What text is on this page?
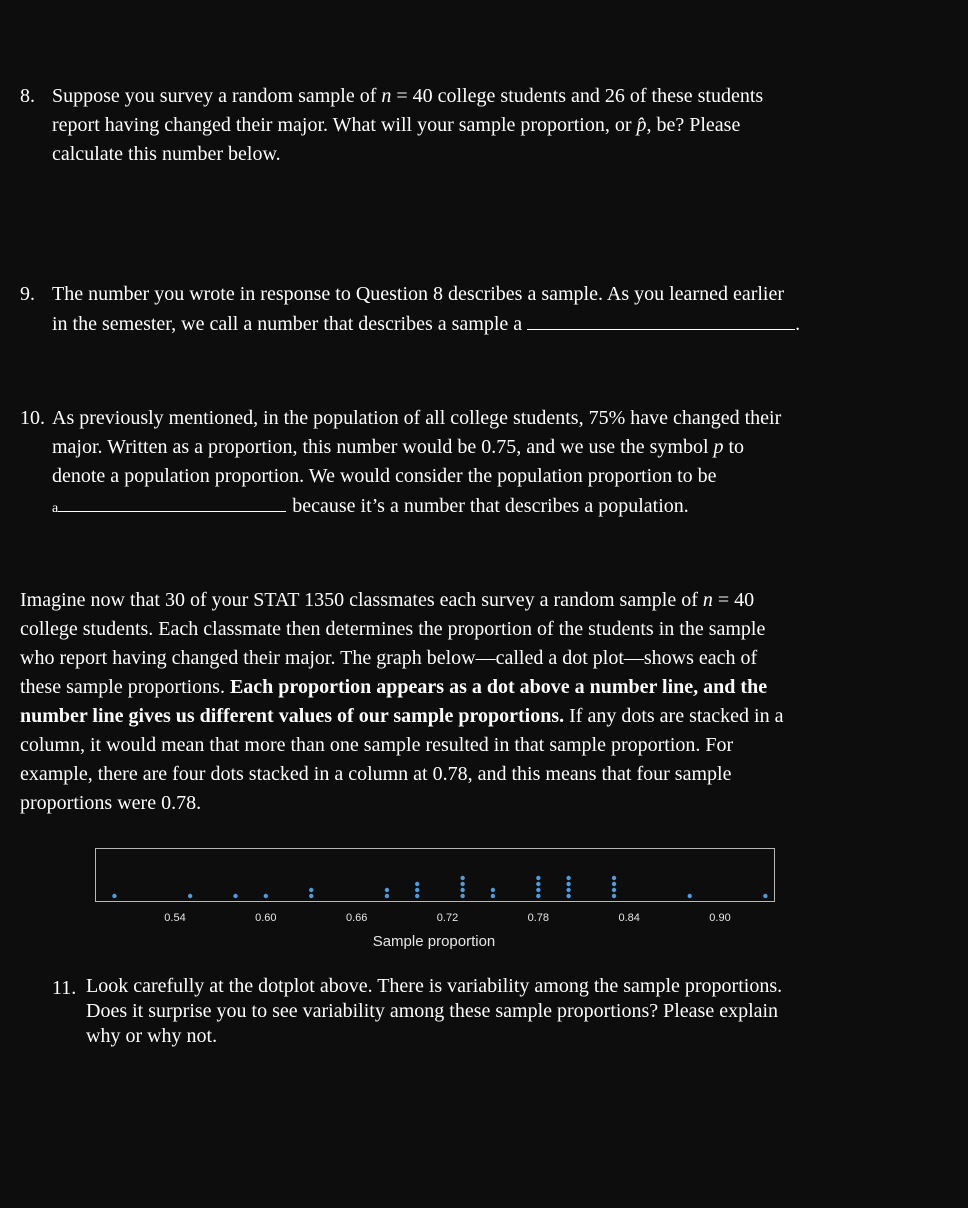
8. Suppose you survey a random sample of n = 40 college students and 26 of these students
report having changed their major. What will your sample proportion, or p̂, be? Please
calculate this number below.
9. The number you wrote in response to Question 8 describes a sample. As you learned earlier
in the semester, we call a number that describes a sample a	.
10. As previously mentioned, in the population of all college students, 75% have changed their
major. Written as a proportion, this number would be 0.75, and we use the symbol p to
denote a population proportion. We would consider the population proportion to be
a	because it’s a number that describes a population.
Imagine now that 30 of your STAT 1350 classmates each survey a random sample of n = 40
college students. Each classmate then determines the proportion of the students in the sample
who report having changed their major. The graph below—called a dot plot—shows each of
these sample proportions. Each proportion appears as a dot above a number line, and the
number line gives us different values of our sample proportions. If any dots are stacked in a
column, it would mean that more than one sample resulted in that sample proportion. For
example, there are four dots stacked in a column at 0.78, and this means that four sample
proportions were 0.78.
0.54	0.60	0.66	0.72	0.78	0.84	0.90
Sample proportion
11. Look carefully at the dotplot above. There is variability among the sample proportions.
Does it surprise you to see variability among these sample proportions? Please explain
why or why not.
